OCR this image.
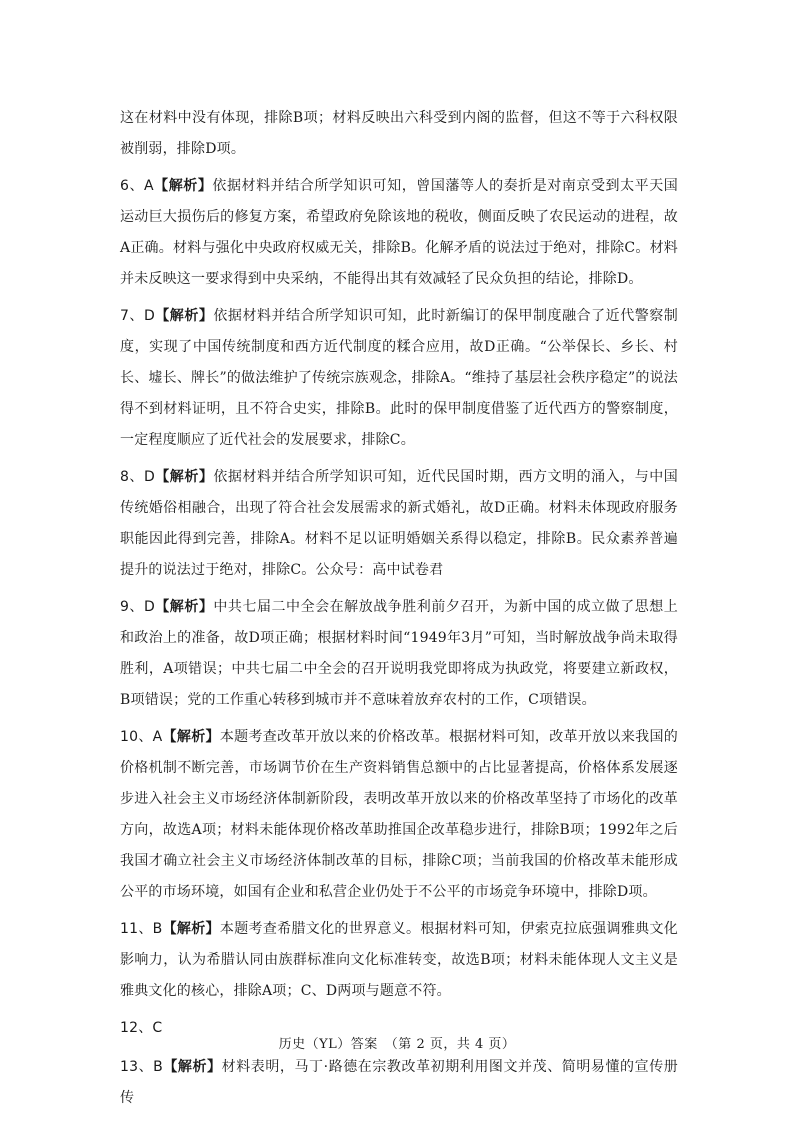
这在材料中没有体现，排除B项；材料反映出六科受到内阁的监督，但这不等于六科权限被削弱，排除D项。

6、A【解析】依据材料并结合所学知识可知，曾国藩等人的奏折是对南京受到太平天国运动巨大损伤后的修复方案，希望政府免除该地的税收，侧面反映了农民运动的进程，故A正确。材料与强化中央政府权威无关，排除B。化解矛盾的说法过于绝对，排除C。材料并未反映这一要求得到中央采纳，不能得出其有效减轻了民众负担的结论，排除D。

7、D【解析】依据材料并结合所学知识可知，此时新编订的保甲制度融合了近代警察制度，实现了中国传统制度和西方近代制度的糅合应用，故D正确。“公举保长、乡长、村长、墟长、牌长”的做法维护了传统宗族观念，排除A。“维持了基层社会秩序稳定”的说法得不到材料证明，且不符合史实，排除B。此时的保甲制度借鉴了近代西方的警察制度，一定程度顺应了近代社会的发展要求，排除C。

8、D【解析】依据材料并结合所学知识可知，近代民国时期，西方文明的涌入，与中国传统婚俗相融合，出现了符合社会发展需求的新式婚礼，故D正确。材料未体现政府服务职能因此得到完善，排除A。材料不足以证明婚姻关系得以稳定，排除B。民众素养普遍提升的说法过于绝对，排除C。公众号：高中试卷君

9、D【解析】中共七届二中全会在解放战争胜利前夕召开，为新中国的成立做了思想上和政治上的准备，故D项正确；根据材料时间“1949年3月”可知，当时解放战争尚未取得胜利，A项错误；中共七届二中全会的召开说明我党即将成为执政党，将要建立新政权，B项错误；党的工作重心转移到城市并不意味着放弃农村的工作，C项错误。

10、A【解析】本题考查改革开放以来的价格改革。根据材料可知，改革开放以来我国的价格机制不断完善，市场调节价在生产资料销售总额中的占比显著提高，价格体系发展逐步进入社会主义市场经济体制新阶段，表明改革开放以来的价格改革坚持了市场化的改革方向，故选A项；材料未能体现价格改革助推国企改革稳步进行，排除B项；1992年之后我国才确立社会主义市场经济体制改革的目标，排除C项；当前我国的价格改革未能形成公平的市场环境，如国有企业和私营企业仍处于不公平的市场竞争环境中，排除D项。

11、B【解析】本题考查希腊文化的世界意义。根据材料可知，伊索克拉底强调雅典文化影响力，认为希腊认同由族群标准向文化标准转变，故选B项；材料未能体现人文主义是雅典文化的核心，排除A项；C、D两项与题意不符。

12、C

13、B【解析】材料表明，马丁·路德在宗教改革初期利用图文并茂、简明易懂的宣传册传

历史（YL）答案　（第 2 页，共 4 页）
